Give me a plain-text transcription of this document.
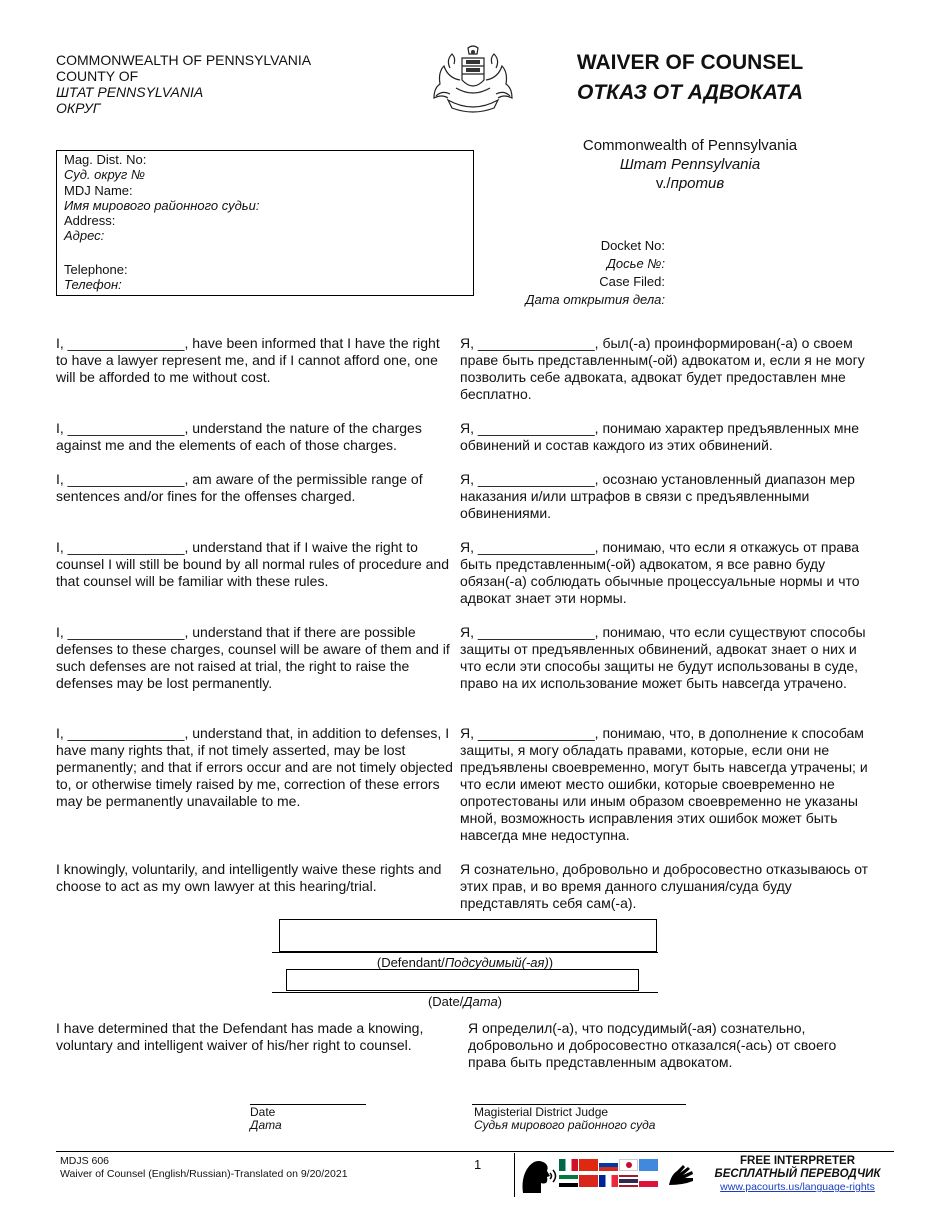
COMMONWEALTH OF PENNSYLVANIA
COUNTY OF
ШТАТ PENNSYLVANIA
ОКРУГ
WAIVER OF COUNSEL
ОТКАЗ ОТ АДВОКАТА
Mag. Dist. No:
Суд. округ №
MDJ Name:
Имя мирового районного судьи:
Address:
Адрес:
Telephone:
Телефон:
Commonwealth of Pennsylvania
Штат Pennsylvania
v./против
Docket No:
Досье №:
Case Filed:
Дата открытия дела:
I, _______________, have been informed that I have the right to have a lawyer represent me, and if I cannot afford one, one will be afforded to me without cost.
Я, _______________, был(-а) проинформирован(-а) о своем праве быть представленным(-ой) адвокатом и, если я не могу позволить себе адвоката, адвокат будет предоставлен мне бесплатно.
I, _______________, understand the nature of the charges against me and the elements of each of those charges.
Я, _______________, понимаю характер предъявленных мне обвинений и состав каждого из этих обвинений.
I, _______________, am aware of the permissible range of sentences and/or fines for the offenses charged.
Я, _______________, осознаю установленный диапазон мер наказания и/или штрафов в связи с предъявленными обвинениями.
I, _______________, understand that if I waive the right to counsel I will still be bound by all normal rules of procedure and that counsel will be familiar with these rules.
Я, _______________, понимаю, что если я откажусь от права быть представленным(-ой) адвокатом, я все равно буду обязан(-а) соблюдать обычные процессуальные нормы и что адвокат знает эти нормы.
I, _______________, understand that if there are possible defenses to these charges, counsel will be aware of them and if such defenses are not raised at trial, the right to raise the defenses may be lost permanently.
Я, _______________, понимаю, что если существуют способы защиты от предъявленных обвинений, адвокат знает о них и что если эти способы защиты не будут использованы в суде, право на их использование может быть навсегда утрачено.
I, _______________, understand that, in addition to defenses, I have many rights that, if not timely asserted, may be lost permanently; and that if errors occur and are not timely objected to, or otherwise timely raised by me, correction of these errors may be permanently unavailable to me.
Я, _______________, понимаю, что, в дополнение к способам защиты, я могу обладать правами, которые, если они не предъявлены своевременно, могут быть навсегда утрачены; и что если имеют место ошибки, которые своевременно не опротестованы или иным образом своевременно не указаны мной, возможность исправления этих ошибок может быть навсегда мне недоступна.
I knowingly, voluntarily, and intelligently waive these rights and choose to act as my own lawyer at this hearing/trial.
Я сознательно, добровольно и добросовестно отказываюсь от этих прав, и во время данного слушания/суда буду представлять себя сам(-а).
(Defendant/Подсудимый(-ая))
(Date/Дата)
I have determined that the Defendant has made a knowing, voluntary and intelligent waiver of his/her right to counsel.
Я определил(-а), что подсудимый(-ая) сознательно, добровольно и добросовестно отказался(-ась) от своего права быть представленным адвокатом.
Date
Дата
Magisterial District Judge
Судья мирового районного суда
MDJS 606
Waiver of Counsel (English/Russian)-Translated on 9/20/2021
1	FREE INTERPRETER
БЕСПЛАТНЫЙ ПЕРЕВОДЧИК
www.pacourts.us/language-rights
